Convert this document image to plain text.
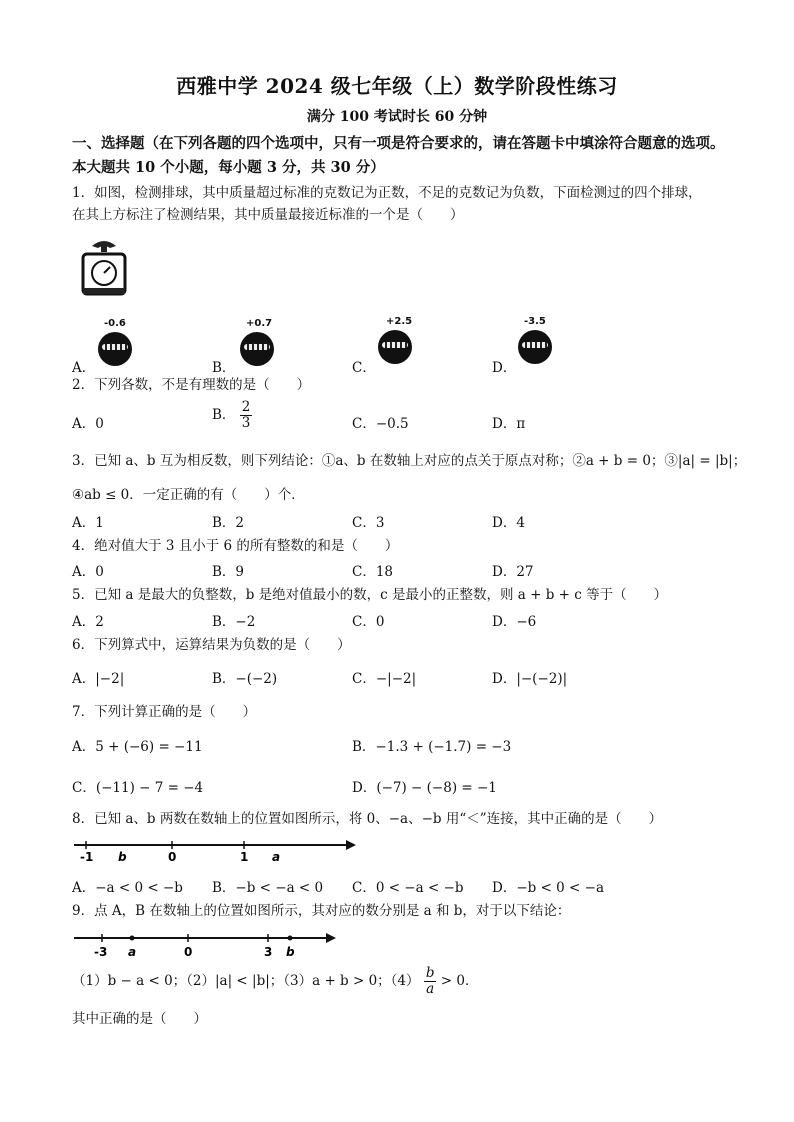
西雅中学 2024 级七年级（上）数学阶段性练习
满分 100 考试时长 60 分钟
一、选择题（在下列各题的四个选项中，只有一项是符合要求的，请在答题卡中填涂符合题意的选项。本大题共 10 个小题，每小题 3 分，共 30 分）
1．如图，检测排球，其中质量超过标准的克数记为正数，不足的克数记为负数，下面检测过的四个排球，
在其上方标注了检测结果，其中质量最接近标准的一个是（　　）
A．
-0.6
B．
+0.7
C．
+2.5
D．
-3.5
2．下列各数，不是有理数的是（　　）
A．0
B． $\frac{2}{3}$	C．−0.5	D．π
3．已知 a、b 互为相反数，则下列结论：①a、b 在数轴上对应的点关于原点对称；②a + b = 0；③|a| = |b|；
④ab ≤ 0．一定正确的有（　　）个．
A．1	B．2	C．3	D．4
4．绝对值大于 3 且小于 6 的所有整数的和是（　　）
A．0	B．9	C．18	D．27
5．已知 a 是最大的负整数，b 是绝对值最小的数，c 是最小的正整数，则 a + b + c 等于（　　）
A．2	B．−2	C．0	D．−6
6．下列算式中，运算结果为负数的是（　　）
A．|−2|	B．−(−2)	C．−|−2|	D．|−(−2)|
7．下列计算正确的是（　　）
A．5 + (−6) = −11	B．−1.3 + (−1.7) = −3
C．(−11) − 7 = −4	D．(−7) − (−8) = −1
8．已知 a、b 两数在数轴上的位置如图所示，将 0、−a、−b 用“＜”连接，其中正确的是（　　）
-1 b	0	1 a
A．−a < 0 < −b B．−b < −a < 0 C．0 < −a < −b D．−b < 0 < −a
9．点 A，B 在数轴上的位置如图所示，其对应的数分别是 a 和 b，对于以下结论：
-3 a	0	3 b
（1）b − a < 0；（2）|a| < |b|；（3）a + b > 0；$(4) \frac{b}{a} > 0$．
其中正确的是（　　）
